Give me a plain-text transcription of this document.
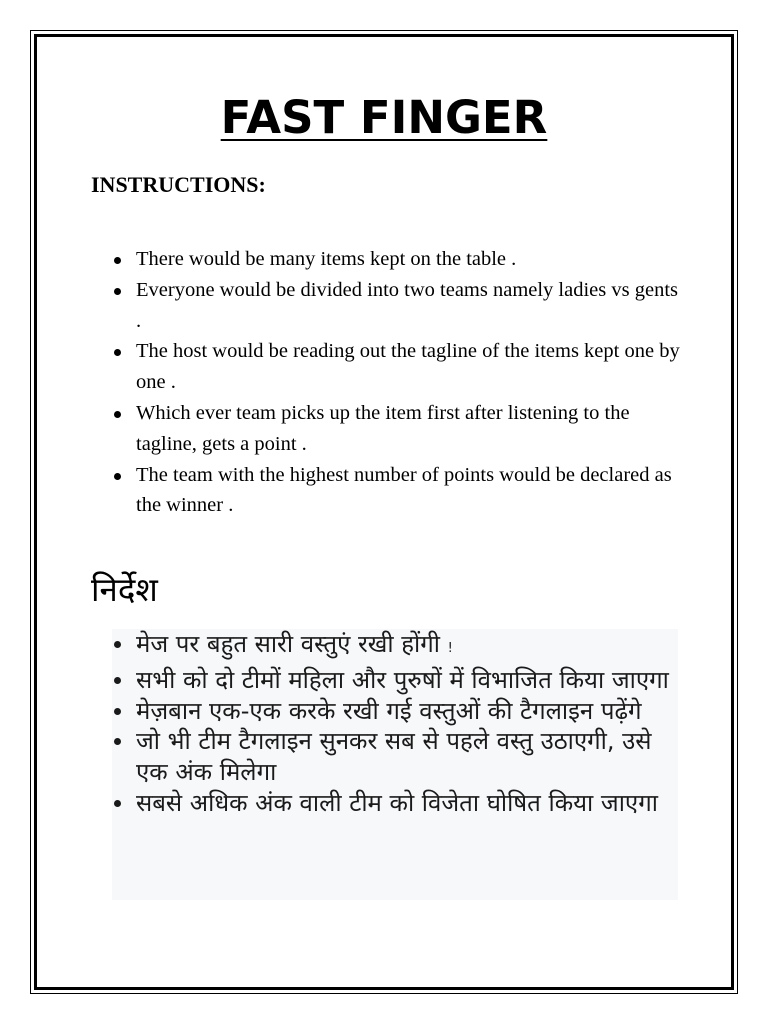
FAST FINGER
INSTRUCTIONS:
There would be many items kept on the table .
Everyone would be divided into two teams namely ladies vs gents .
The host would be reading out the tagline of the items kept one by one .
Which ever team picks up the item first after listening to the tagline, gets a point .
The team with the highest number of points would be declared as the winner .
निर्देश
मेज पर बहुत सारी वस्तुएं रखी होंगी !
सभी को दो टीमों महिला और पुरुषों में विभाजित किया जाएगा
मेज़बान एक-एक करके रखी गई वस्तुओं की टैगलाइन पढ़ेंगे
जो भी टीम टैगलाइन सुनकर सब से पहले वस्तु उठाएगी, उसे एक अंक मिलेगा
सबसे अधिक अंक वाली टीम को विजेता घोषित किया जाएगा
